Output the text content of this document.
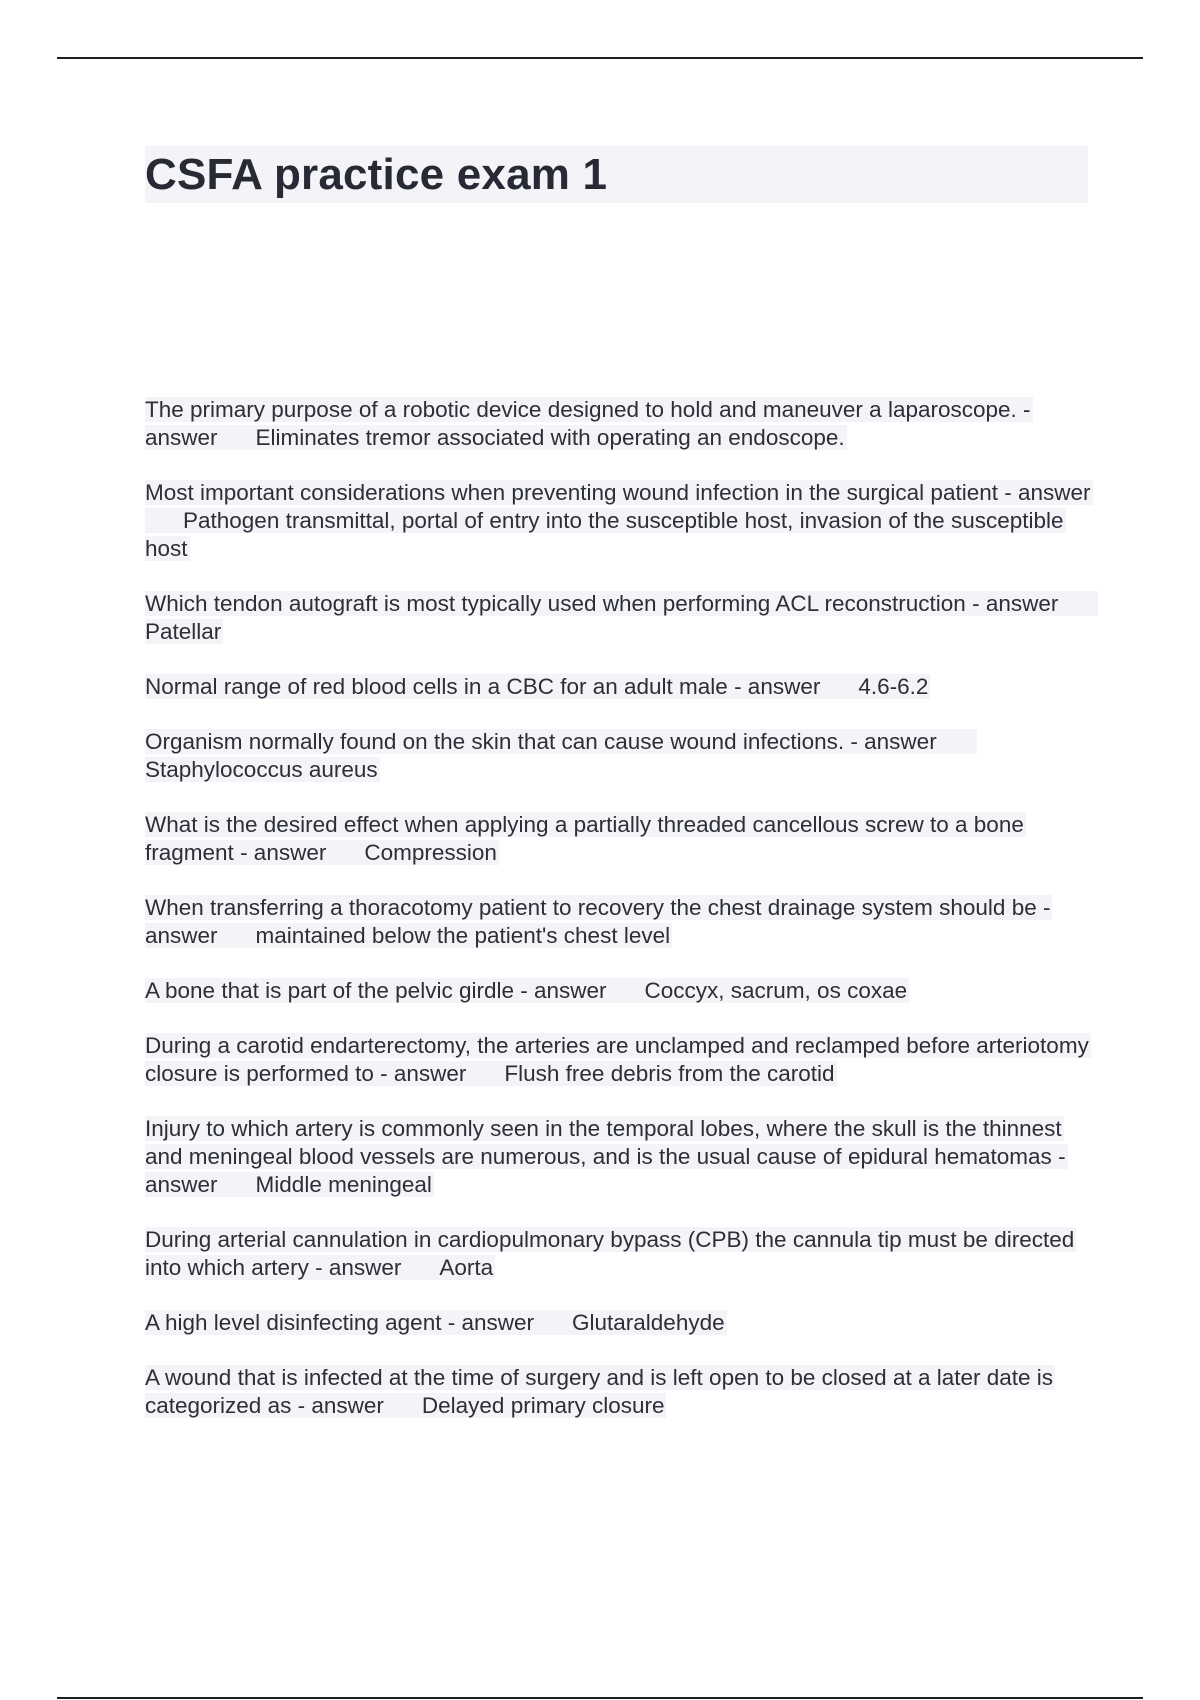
CSFA practice exam 1
The primary purpose of a robotic device designed to hold and maneuver a laparoscope. - answer Eliminates tremor associated with operating an endoscope.
Most important considerations when preventing wound infection in the surgical patient - answerPathogen transmittal, portal of entry into the susceptible host, invasion of the susceptible host
Which tendon autograft is most typically used when performing ACL reconstruction - answerPatellar
Normal range of red blood cells in a CBC for an adult male - answer 4.6-6.2
Organism normally found on the skin that can cause wound infections. - answerStaphylococcus aureus
What is the desired effect when applying a partially threaded cancellous screw to a bone fragment - answer Compression
When transferring a thoracotomy patient to recovery the chest drainage system should be - answer maintained below the patient's chest level
A bone that is part of the pelvic girdle - answer Coccyx, sacrum, os coxae
During a carotid endarterectomy, the arteries are unclamped and reclamped before arteriotomy closure is performed to - answer Flush free debris from the carotid
Injury to which artery is commonly seen in the temporal lobes, where the skull is the thinnest and meningeal blood vessels are numerous, and is the usual cause of epidural hematomas - answer Middle meningeal
During arterial cannulation in cardiopulmonary bypass (CPB) the cannula tip must be directed into which artery - answer Aorta
A high level disinfecting agent - answer Glutaraldehyde
A wound that is infected at the time of surgery and is left open to be closed at a later date is categorized as - answer Delayed primary closure
